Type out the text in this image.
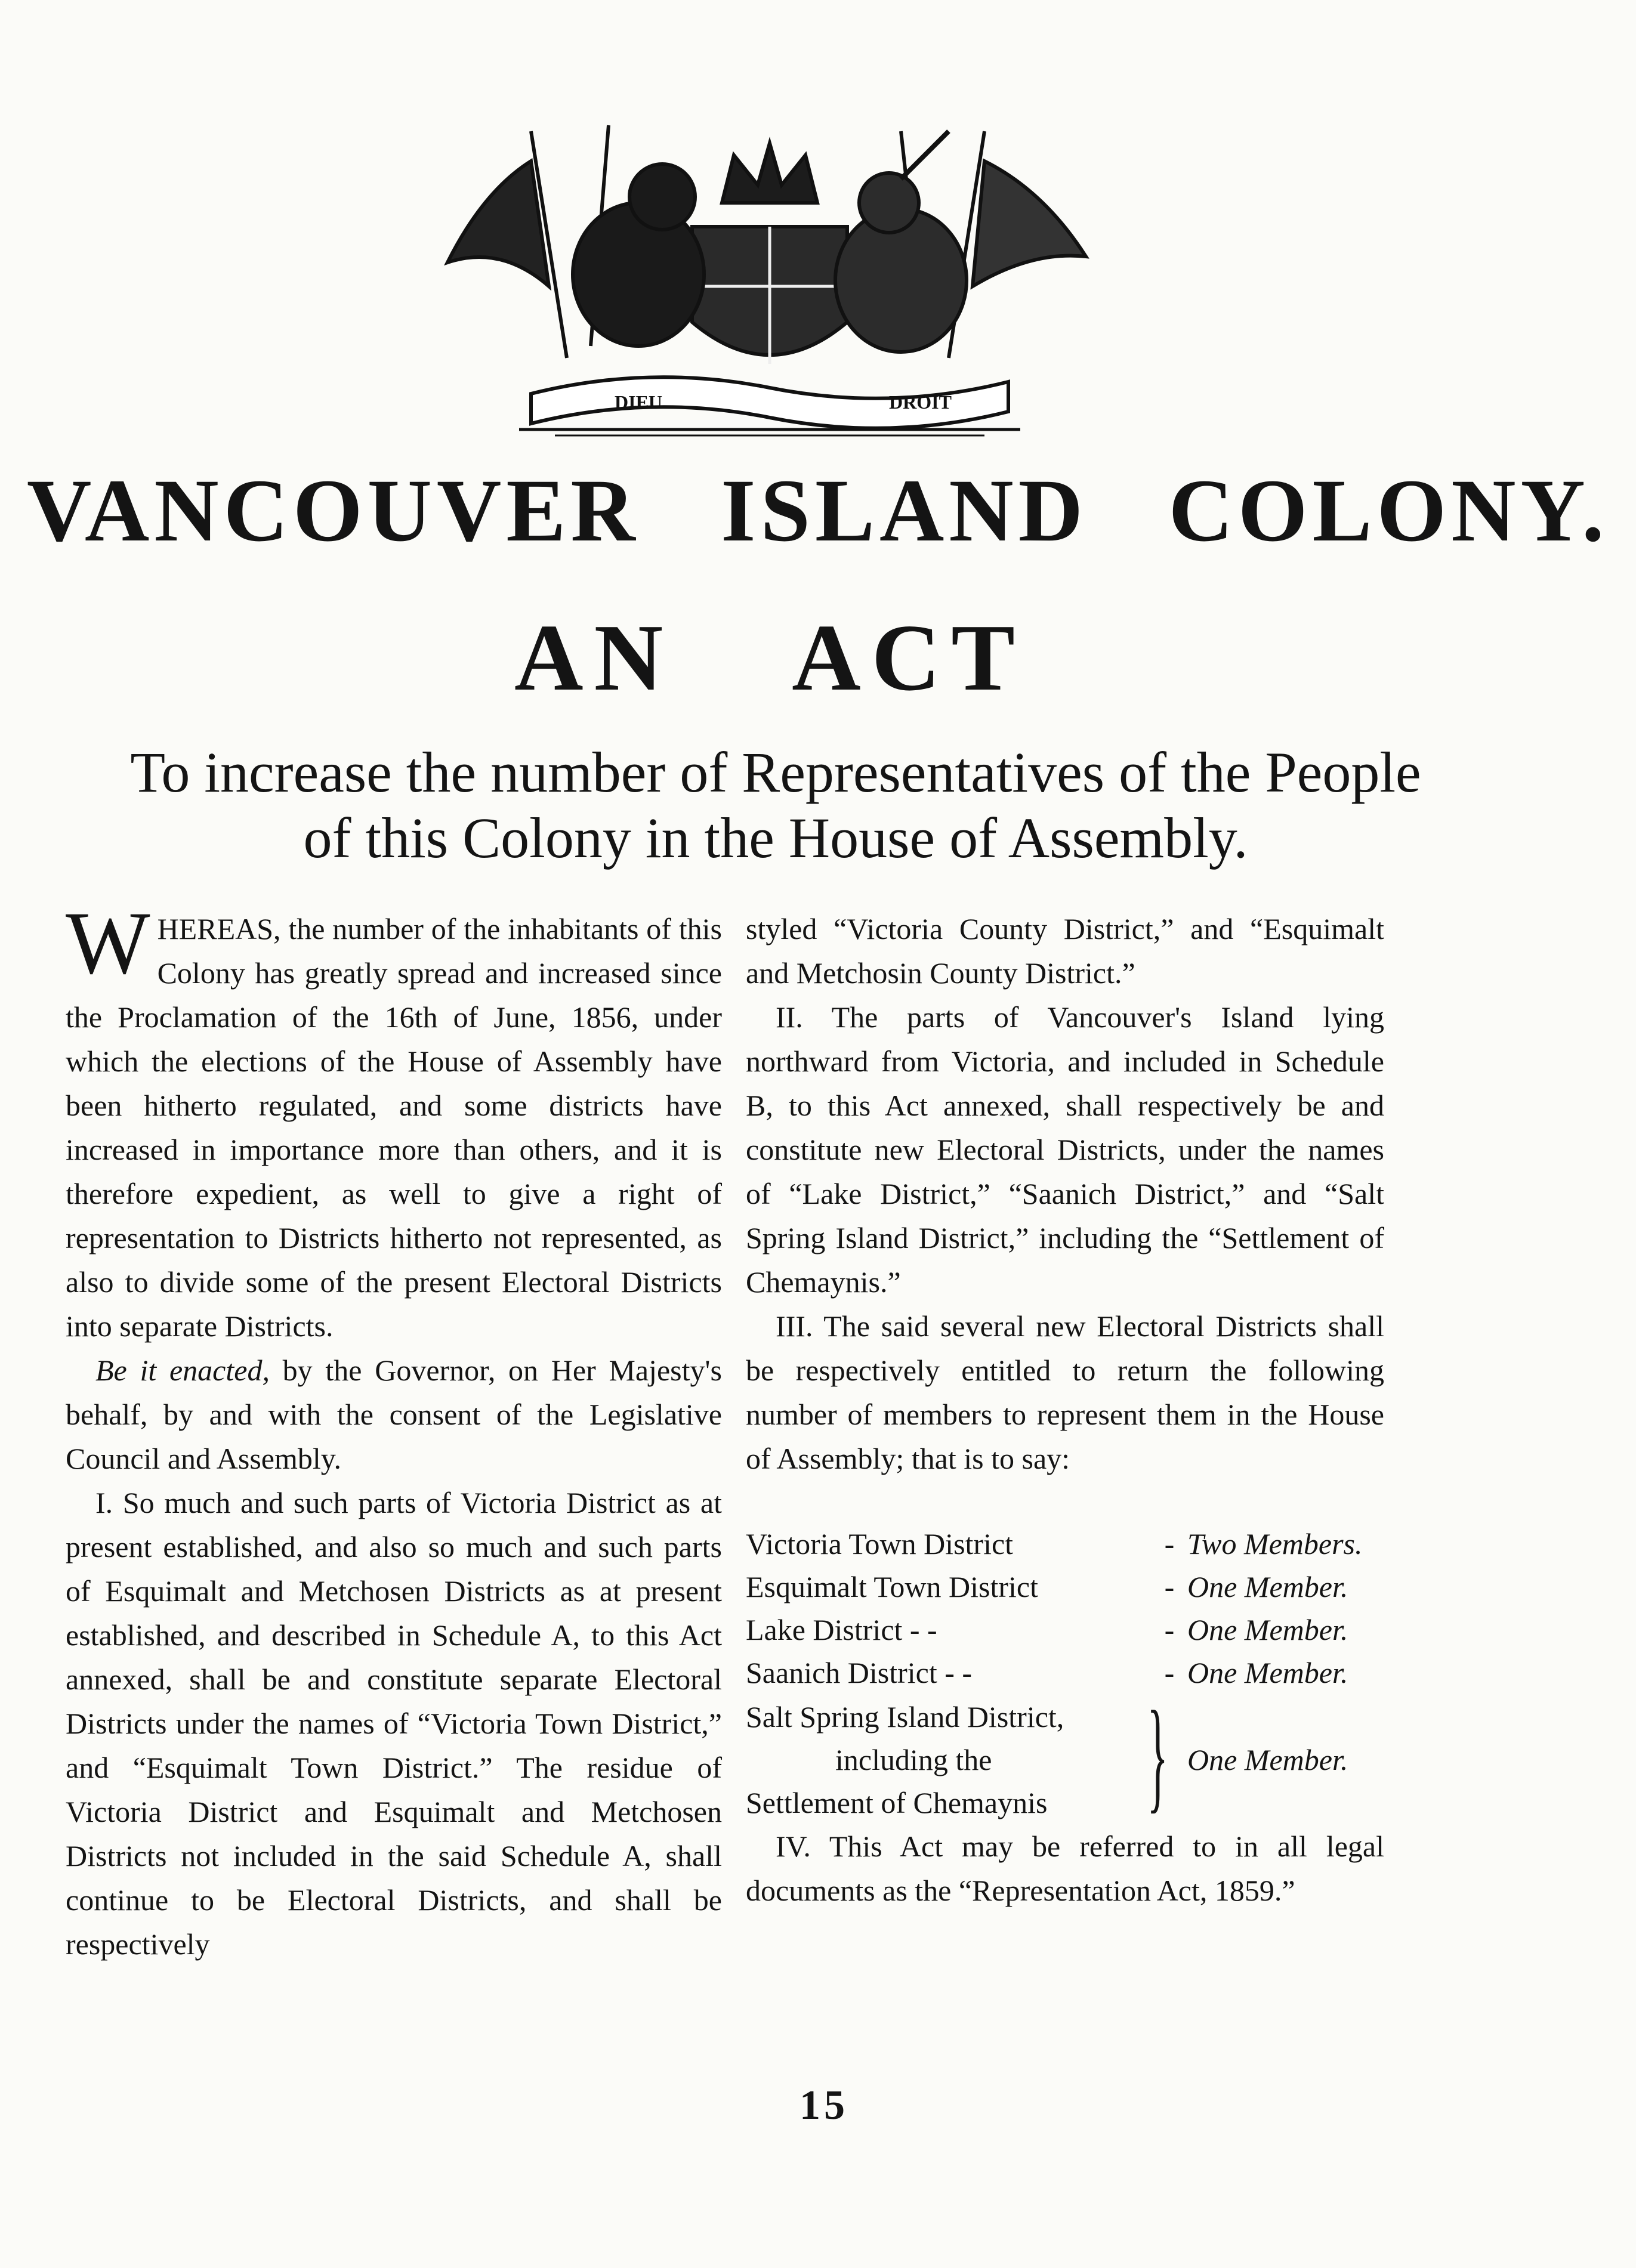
DIEU	DROIT
VANCOUVER ISLAND COLONY.
AN ACT
To increase the number of Representatives of the People
of this Colony in the House of Assembly.

WHEREAS, the number of the inhabitants of this Colony has greatly spread and increased since the Proclamation of the 16th of June, 1856, under which the elections of the House of Assembly have been hitherto regulated, and some districts have increased in importance more than others, and it is therefore expedient, as well to give a right of representation to Districts hitherto not represented, as also to divide some of the present Electoral Districts into separate Districts.

Be it enacted, by the Governor, on Her Majesty's behalf, by and with the consent of the Legislative Council and Assembly.

I. So much and such parts of Victoria District as at present established, and also so much and such parts of Esquimalt and Metchosen Districts as at present established, and described in Schedule A, to this Act annexed, shall be and constitute separate Electoral Districts under the names of “Victoria Town District,” and “Esquimalt Town District.” The residue of Victoria District and Esquimalt and Metchosen Districts not included in the said Schedule A, shall continue to be Electoral Districts, and shall be respectively

styled “Victoria County District,” and “Esquimalt and Metchosin County District.”

II. The parts of Vancouver's Island lying northward from Victoria, and included in Schedule B, to this Act annexed, shall respectively be and constitute new Electoral Districts, under the names of “Lake District,” “Saanich District,” and “Salt Spring Island District,” including the “Settlement of Chemaynis.”

III. The said several new Electoral Districts shall be respectively entitled to return the following number of members to represent them in the House of Assembly; that is to say:

Victoria Town District	- Two Members.
Esquimalt Town District	- One Member.
Lake District - -	- One Member.
Saanich District - -	- One Member.
Salt Spring Island District,
including the
Settlement of Chemaynis } One Member.

IV. This Act may be referred to in all legal documents as the “Representation Act, 1859.”

15
